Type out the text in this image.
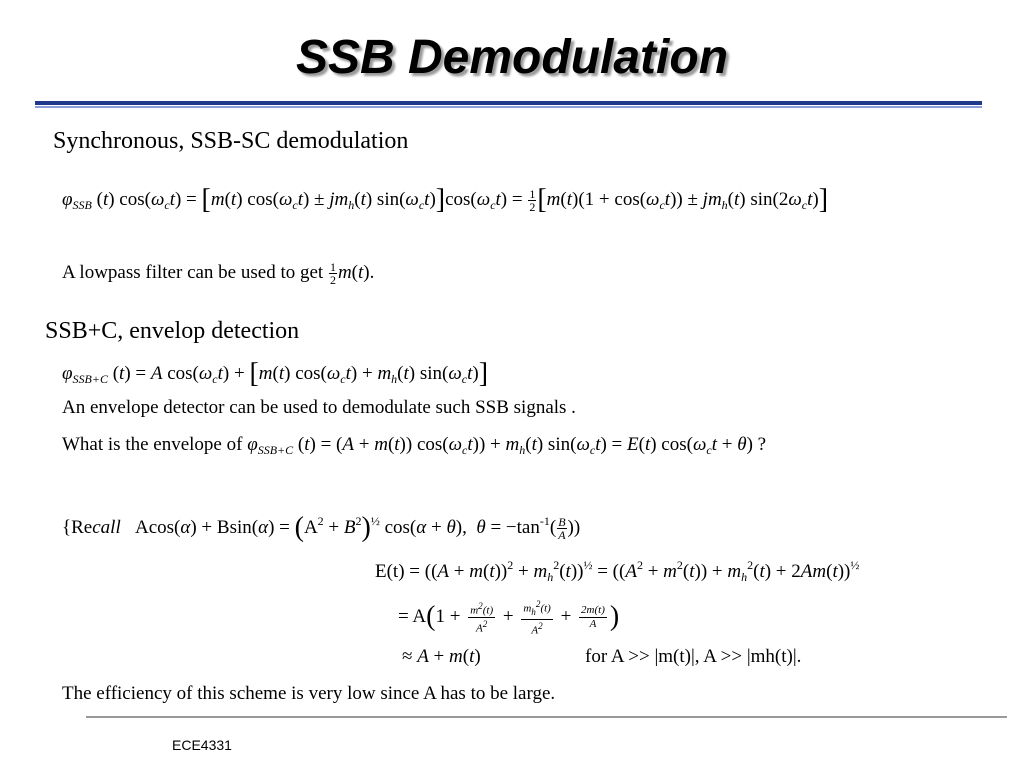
SSB Demodulation
Synchronous, SSB-SC demodulation
$\varphi_{SSB}$ (t) $\cos(\omega_ct) = [m(t) \cos(\omega_ct) \pm jm_h(t) \sin(\omega_ct)]\cos(\omega_ct) = \frac{1}{2} [m(t)(1 + \cos(\omega_ct)) \pm jm_h(t)$ $\sin(2\omega_ct)$]
A lowpass filter can be used to get $\frac{1}{2} m(t)$.
SSB+C, envelop detection
$\varphi_{SSB+C}$ (t) = A $\cos(\omega_ct) + [m(t) \cos(\omega_ct) + m_h(t)$ $\sin(\omega_ct)$]
An envelope detector can be used to demodulate such SSB signals .
What is the envelope of $\varphi_{SSB+C}$ (t) = (A + m(t)) $\cos(\omega_ct)) + m_h(t)$ $\sin(\omega_ct) = E(t) \cos(\omega_ct + \theta)$ ?
{Recall   $Acos(\alpha) + Bsin(\alpha) = (A^2 + B^2)^{\frac{1}{2}}$ cos(α + θ),  $\theta = -\tan^{-1}( \frac{B}{A}$ ))
$E(t) = ((A + m(t))^2 + m_h^2(t))^{\frac{1}{2}} = ((A^2 + m^2(t)) + m_h^2(t) + 2Am(t))^{\frac{1}{2}}$
= $A(1 + \frac{m^2(t)}{A^2} + \frac{m_h^2(t)}{A^2} + \frac{2m(t)}{A}$ )
≈ A + m(t)	for A >> |m(t)|, A >> |mh(t)|.
The efficiency of this scheme is very low since A has to be large.
ECE4331
